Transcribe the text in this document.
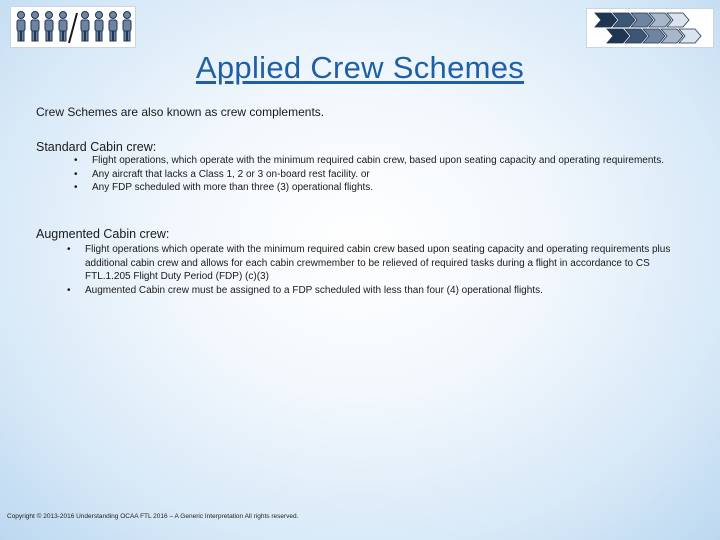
Applied Crew Schemes
Crew Schemes are also known as crew complements.
Standard Cabin crew:
• Flight operations, which operate with the minimum required cabin crew, based upon seating capacity and operating requirements.
• Any aircraft that lacks a Class 1, 2 or 3 on-board rest facility. or
• Any FDP scheduled with more than three (3) operational flights.
Augmented Cabin crew:
• Flight operations which operate with the minimum required cabin crew based upon seating capacity and operating requirements plus additional cabin crew and allows for each cabin crewmember to be relieved of required tasks during a flight in accordance to CS FTL.1.205 Flight Duty Period (FDP) (c)(3)
• Augmented Cabin crew must be assigned to a FDP scheduled with less than four (4) operational flights.
Copyright © 2013-2016 Understanding OCAA FTL 2016 – A Generic Interpretation All rights reserved.
